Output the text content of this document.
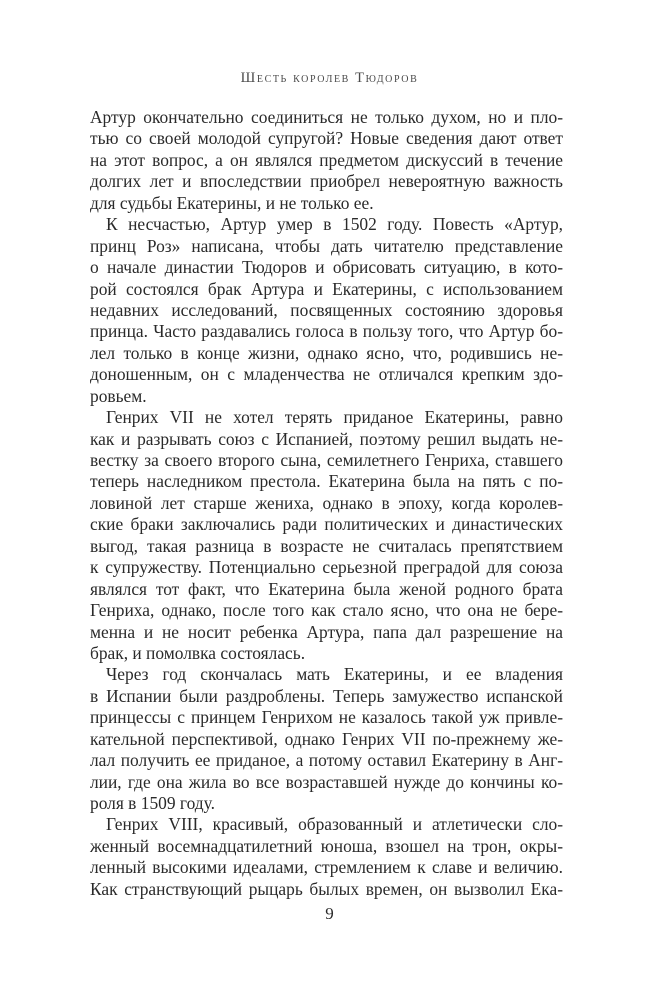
Шесть королев Тюдоров
Артур окончательно соединиться не только духом, но и пло-
тью со своей молодой супругой? Новые сведения дают ответ
на этот вопрос, а он являлся предметом дискуссий в течение
долгих лет и впоследствии приобрел невероятную важность
для судьбы Екатерины, и не только ее.
К несчастью, Артур умер в 1502 году. Повесть «Артур,
принц Роз» написана, чтобы дать читателю представление
о начале династии Тюдоров и обрисовать ситуацию, в кото-
рой состоялся брак Артура и Екатерины, с использованием
недавних исследований, посвященных состоянию здоровья
принца. Часто раздавались голоса в пользу того, что Артур бо-
лел только в конце жизни, однако ясно, что, родившись не-
доношенным, он с младенчества не отличался крепким здо-
ровьем.
Генрих VII не хотел терять приданое Екатерины, равно
как и разрывать союз с Испанией, поэтому решил выдать не-
вестку за своего второго сына, семилетнего Генриха, ставшего
теперь наследником престола. Екатерина была на пять с по-
ловиной лет старше жениха, однако в эпоху, когда королев-
ские браки заключались ради политических и династических
выгод, такая разница в возрасте не считалась препятствием
к супружеству. Потенциально серьезной преградой для союза
являлся тот факт, что Екатерина была женой родного брата
Генриха, однако, после того как стало ясно, что она не бере-
менна и не носит ребенка Артура, папа дал разрешение на
брак, и помолвка состоялась.
Через год скончалась мать Екатерины, и ее владения
в Испании были раздроблены. Теперь замужество испанской
принцессы с принцем Генрихом не казалось такой уж привле-
кательной перспективой, однако Генрих VII по-прежнему же-
лал получить ее приданое, а потому оставил Екатерину в Анг-
лии, где она жила во все возраставшей нужде до кончины ко-
роля в 1509 году.
Генрих VIII, красивый, образованный и атлетически сло-
женный восемнадцатилетний юноша, взошел на трон, окры-
ленный высокими идеалами, стремлением к славе и величию.
Как странствующий рыцарь былых времен, он вызволил Ека-
9
